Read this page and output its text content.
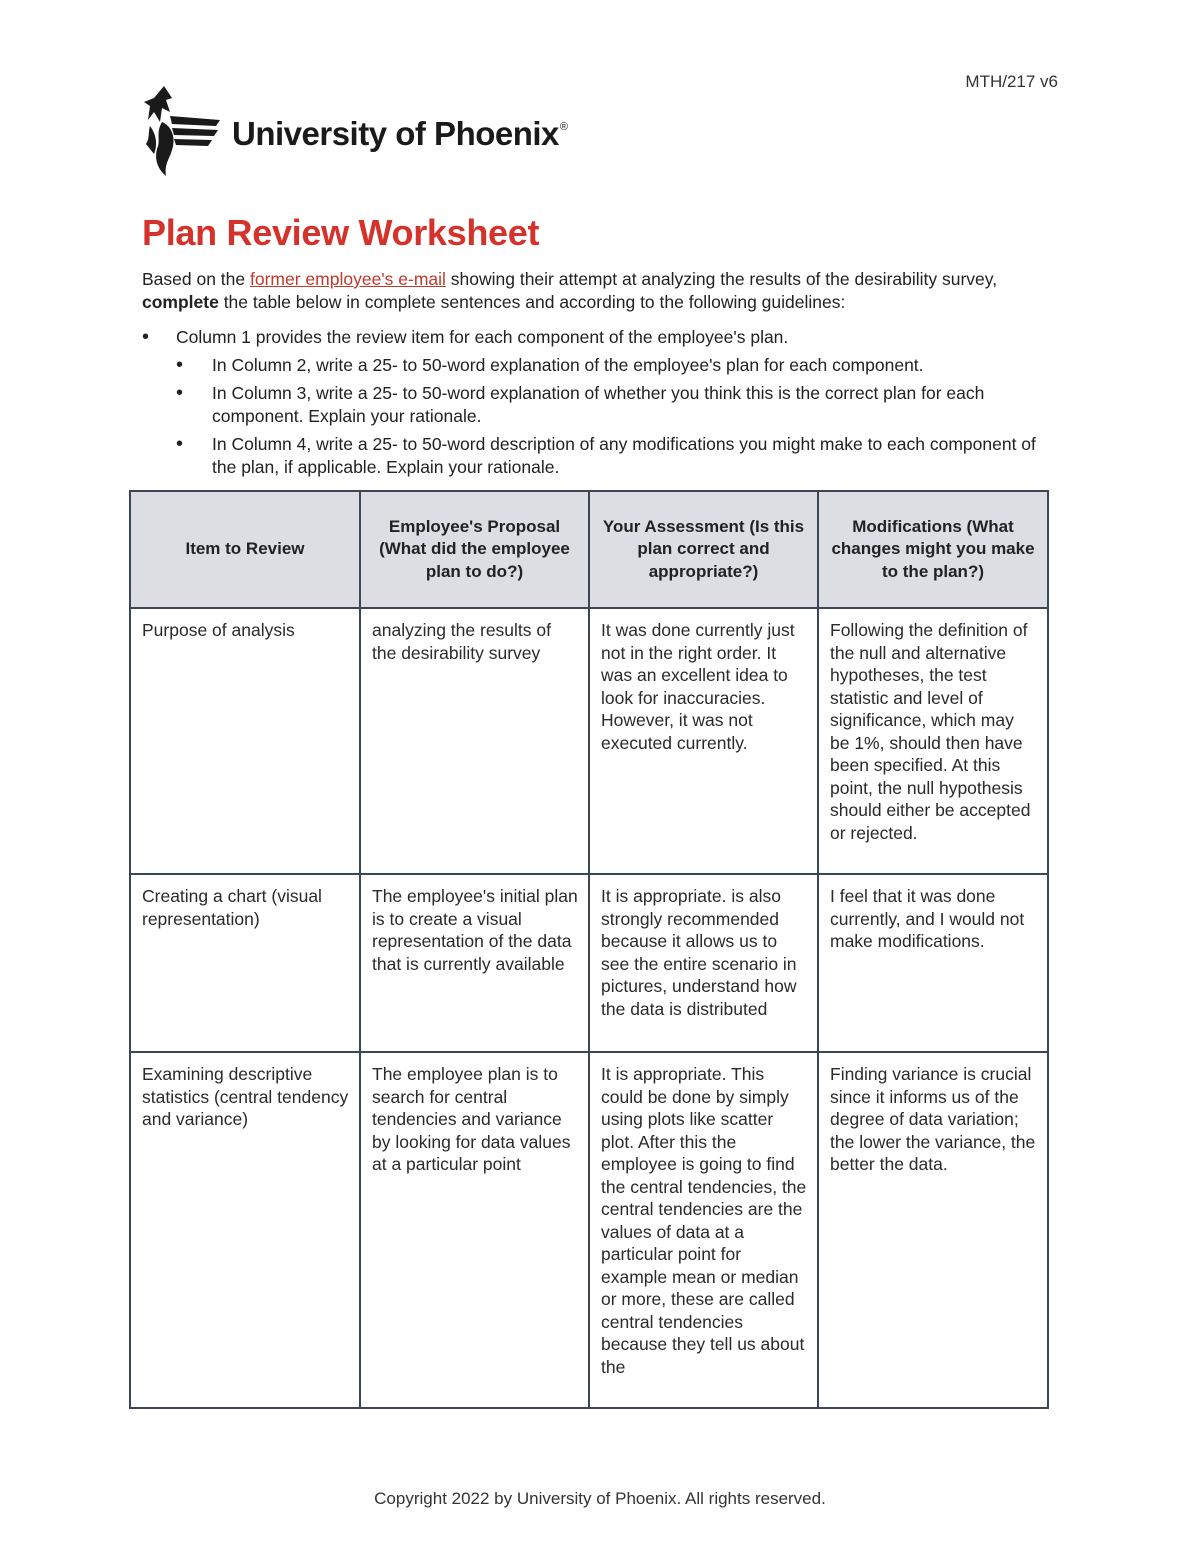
MTH/217 v6
University of Phoenix®
Plan Review Worksheet

Based on the former employee's e-mail showing their attempt at analyzing the results of the desirability survey, complete the table below in complete sentences and according to the following guidelines:

• Column 1 provides the review item for each component of the employee's plan.
• In Column 2, write a 25- to 50-word explanation of the employee's plan for each component.
• In Column 3, write a 25- to 50-word explanation of whether you think this is the correct plan for each component. Explain your rationale.
• In Column 4, write a 25- to 50-word description of any modifications you might make to each component of the plan, if applicable. Explain your rationale.
Item to Review	Employee's Proposal (What did the employee plan to do?)	Your Assessment (Is this plan correct and appropriate?)	Modifications (What changes might you make to the plan?)
Purpose of analysis	analyzing the results of the desirability survey	It was done currently just not in the right order. It was an excellent idea to look for inaccuracies. However, it was not executed currently.	Following the definition of the null and alternative hypotheses, the test statistic and level of significance, which may be 1%, should then have been specified. At this point, the null hypothesis should either be accepted or rejected.
Creating a chart (visual representation)	The employee's initial plan is to create a visual representation of the data that is currently available	It is appropriate. is also strongly recommended because it allows us to see the entire scenario in pictures, understand how the data is distributed	I feel that it was done currently, and I would not make modifications.

Examining descriptive statistics (central tendency and variance)	The employee plan is to search for central tendencies and variance by looking for data values at a particular point	It is appropriate. This could be done by simply using plots like scatter plot. After this the employee is going to find the central tendencies, the central tendencies are the values of data at a particular point for example mean or median or more, these are called central tendencies because they tell us about the	Finding variance is crucial since it informs us of the degree of data variation; the lower the variance, the better the data.
Copyright 2022 by University of Phoenix. All rights reserved.
